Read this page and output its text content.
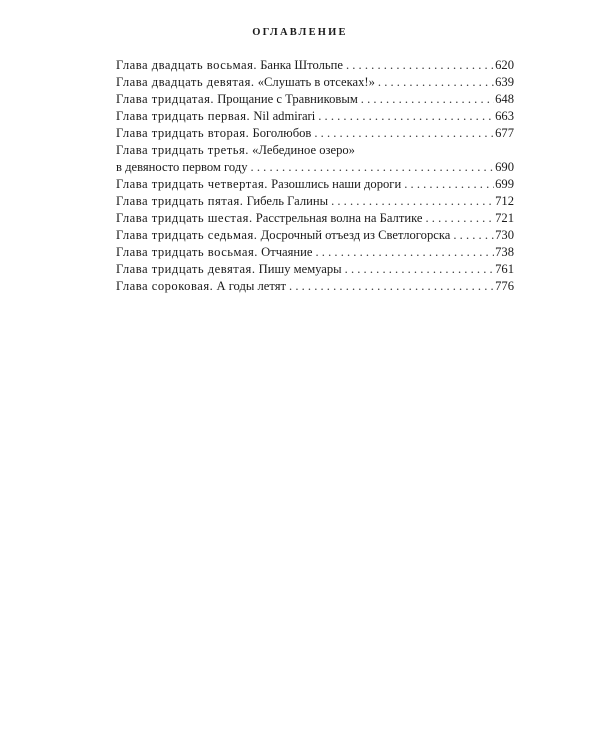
ОГЛАВЛЕНИЕ
Глава двадцать восьмая. Банка Штольпе . . .	620
Глава двадцать девятая. «Слушать в отсеках!» . . .	639
Глава тридцатая. Прощание с Травниковым . . .	648
Глава тридцать первая. Nil admirari . . .	663
Глава тридцать вторая. Боголюбов . . .	677
Глава тридцать третья. «Лебединое озеро»
в девяносто первом году . . .	690
Глава тридцать четвертая. Разошлись наши дороги . . .	699
Глава тридцать пятая. Гибель Галины . . .	712
Глава тридцать шестая. Расстрельная волна на Балтике . . .	721
Глава тридцать седьмая. Досрочный отъезд из Светлогорска . . .	730
Глава тридцать восьмая. Отчаяние . . .	738
Глава тридцать девятая. Пишу мемуары . . .	761
Глава сороковая. А годы летят . . .	776
